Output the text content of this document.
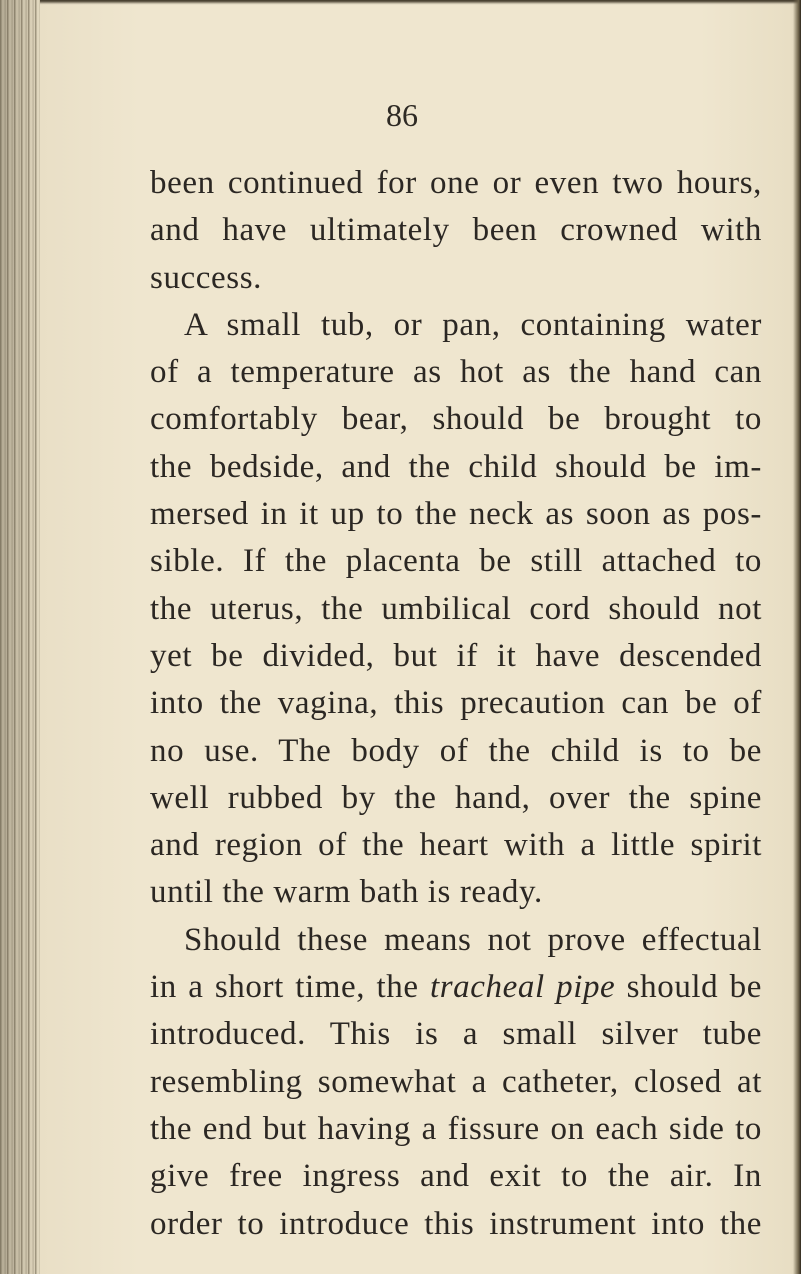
86
been continued for one or even two hours,
and have ultimately been crowned with
success.
A small tub, or pan, containing water
of a temperature as hot as the hand can
comfortably bear, should be brought to
the bedside, and the child should be im-
mersed in it up to the neck as soon as pos-
sible. If the placenta be still attached to
the uterus, the umbilical cord should not
yet be divided, but if it have descended
into the vagina, this precaution can be of
no use. The body of the child is to be
well rubbed by the hand, over the spine
and region of the heart with a little spirit
until the warm bath is ready.
Should these means not prove effectual
in a short time, the tracheal pipe should be
introduced. This is a small silver tube
resembling somewhat a catheter, closed at
the end but having a fissure on each side to
give free ingress and exit to the air. In
order to introduce this instrument into the
